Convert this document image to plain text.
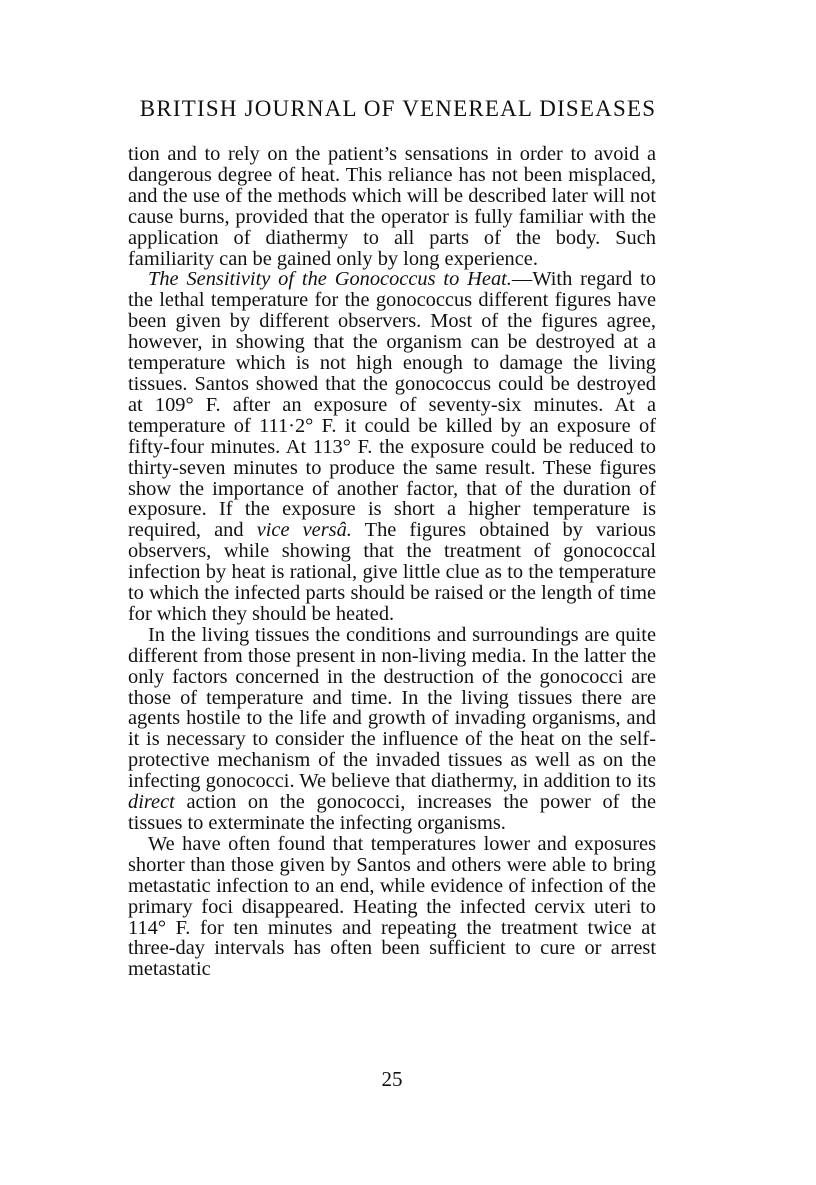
BRITISH JOURNAL OF VENEREAL DISEASES

tion and to rely on the patient’s sensations in order to avoid a dangerous degree of heat. This reliance has not been misplaced, and the use of the methods which will be described later will not cause burns, provided that the operator is fully familiar with the application of diathermy to all parts of the body. Such familiarity can be gained only by long experience.

The Sensitivity of the Gonococcus to Heat.—With regard to the lethal temperature for the gonococcus different figures have been given by different observers. Most of the figures agree, however, in showing that the organism can be destroyed at a temperature which is not high enough to damage the living tissues. Santos showed that the gonococcus could be destroyed at 109° F. after an exposure of seventy-six minutes. At a temperature of 111·2° F. it could be killed by an exposure of fifty-four minutes. At 113° F. the exposure could be reduced to thirty-seven minutes to produce the same result. These figures show the importance of another factor, that of the duration of exposure. If the exposure is short a higher temperature is required, and vice versâ. The figures obtained by various observers, while showing that the treatment of gonococcal infection by heat is rational, give little clue as to the temperature to which the infected parts should be raised or the length of time for which they should be heated.

In the living tissues the conditions and surroundings are quite different from those present in non-living media. In the latter the only factors concerned in the destruction of the gonococci are those of temperature and time. In the living tissues there are agents hostile to the life and growth of invading organisms, and it is necessary to consider the influence of the heat on the self-protective mechanism of the invaded tissues as well as on the infecting gonococci. We believe that diathermy, in addition to its direct action on the gonococci, increases the power of the tissues to exterminate the infecting organisms.

We have often found that temperatures lower and exposures shorter than those given by Santos and others were able to bring metastatic infection to an end, while evidence of infection of the primary foci disappeared. Heating the infected cervix uteri to 114° F. for ten minutes and repeating the treatment twice at three-day intervals has often been sufficient to cure or arrest metastatic

25
